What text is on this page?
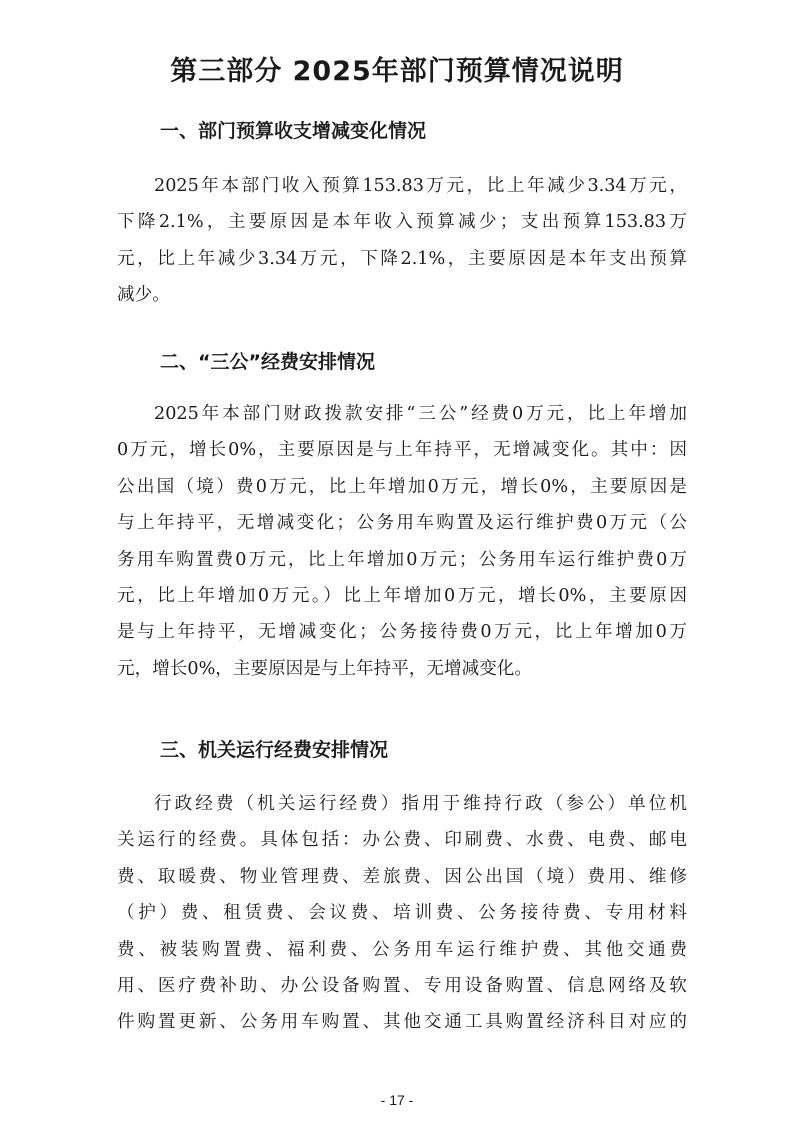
第三部分 2025年部门预算情况说明
一、部门预算收支增减变化情况
2025年本部门收入预算153.83万元，比上年减少3.34万元，
下降2.1%，主要原因是本年收入预算减少；支出预算153.83万
元，比上年减少3.34万元，下降2.1%，主要原因是本年支出预算
减少。
二、“三公”经费安排情况
2025年本部门财政拨款安排“三公”经费0万元，比上年增加
0万元，增长0%，主要原因是与上年持平，无增减变化。其中：因
公出国（境）费0万元，比上年增加0万元，增长0%，主要原因是
与上年持平，无增减变化；公务用车购置及运行维护费0万元（公
务用车购置费0万元，比上年增加0万元；公务用车运行维护费0万
元，比上年增加0万元。）比上年增加0万元，增长0%，主要原因
是与上年持平，无增减变化；公务接待费0万元，比上年增加0万
元，增长0%，主要原因是与上年持平，无增减变化。
三、机关运行经费安排情况
行政经费（机关运行经费）指用于维持行政（参公）单位机
关运行的经费。具体包括：办公费、印刷费、水费、电费、邮电
费、取暖费、物业管理费、差旅费、因公出国（境）费用、维修
（护）费、租赁费、会议费、培训费、公务接待费、专用材料
费、被装购置费、福利费、公务用车运行维护费、其他交通费
用、医疗费补助、办公设备购置、专用设备购置、信息网络及软
件购置更新、公务用车购置、其他交通工具购置经济科目对应的
- 17 -
